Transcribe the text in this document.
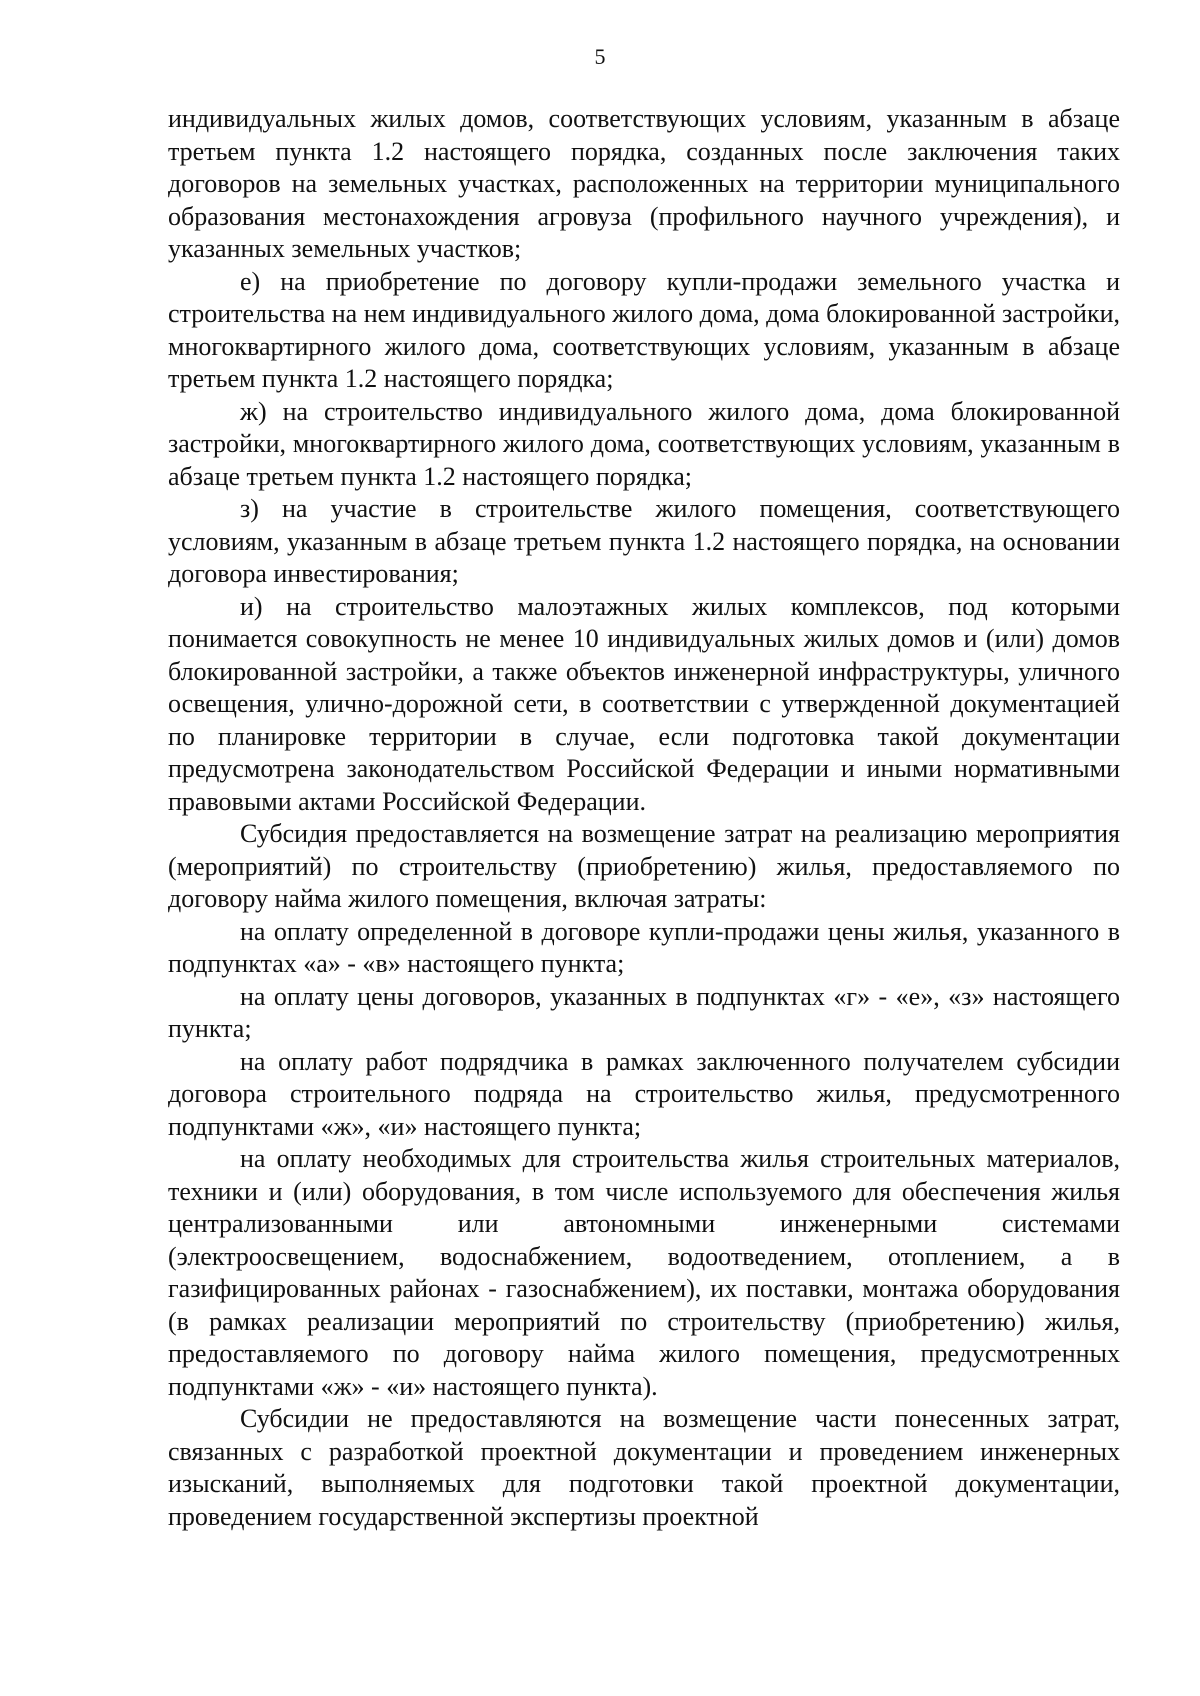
5

индивидуальных жилых домов, соответствующих условиям, указанным в абзаце третьем пункта 1.2 настоящего порядка, созданных после заключения таких договоров на земельных участках, расположенных на территории муниципального образования местонахождения агровуза (профильного научного учреждения), и указанных земельных участков;

е) на приобретение по договору купли-продажи земельного участка и строительства на нем индивидуального жилого дома, дома блокированной застройки, многоквартирного жилого дома, соответствующих условиям, указанным в абзаце третьем пункта 1.2 настоящего порядка;

ж) на строительство индивидуального жилого дома, дома блокированной застройки, многоквартирного жилого дома, соответствующих условиям, указанным в абзаце третьем пункта 1.2 настоящего порядка;

з) на участие в строительстве жилого помещения, соответствующего условиям, указанным в абзаце третьем пункта 1.2 настоящего порядка, на основании договора инвестирования;

и) на строительство малоэтажных жилых комплексов, под которыми понимается совокупность не менее 10 индивидуальных жилых домов и (или) домов блокированной застройки, а также объектов инженерной инфраструктуры, уличного освещения, улично-дорожной сети, в соответствии с утвержденной документацией по планировке территории в случае, если подготовка такой документации предусмотрена законодательством Российской Федерации и иными нормативными правовыми актами Российской Федерации.

Субсидия предоставляется на возмещение затрат на реализацию мероприятия (мероприятий) по строительству (приобретению) жилья, предоставляемого по договору найма жилого помещения, включая затраты:

на оплату определенной в договоре купли-продажи цены жилья, указанного в подпунктах «а» - «в» настоящего пункта;

на оплату цены договоров, указанных в подпунктах «г» - «е», «з» настоящего пункта;

на оплату работ подрядчика в рамках заключенного получателем субсидии договора строительного подряда на строительство жилья, предусмотренного подпунктами «ж», «и» настоящего пункта;

на оплату необходимых для строительства жилья строительных материалов, техники и (или) оборудования, в том числе используемого для обеспечения жилья централизованными или автономными инженерными системами (электроосвещением, водоснабжением, водоотведением, отоплением, а в газифицированных районах - газоснабжением), их поставки, монтажа оборудования (в рамках реализации мероприятий по строительству (приобретению) жилья, предоставляемого по договору найма жилого помещения, предусмотренных подпунктами «ж» - «и» настоящего пункта).

Субсидии не предоставляются на возмещение части понесенных затрат, связанных с разработкой проектной документации и проведением инженерных изысканий, выполняемых для подготовки такой проектной документации, проведением государственной экспертизы проектной
